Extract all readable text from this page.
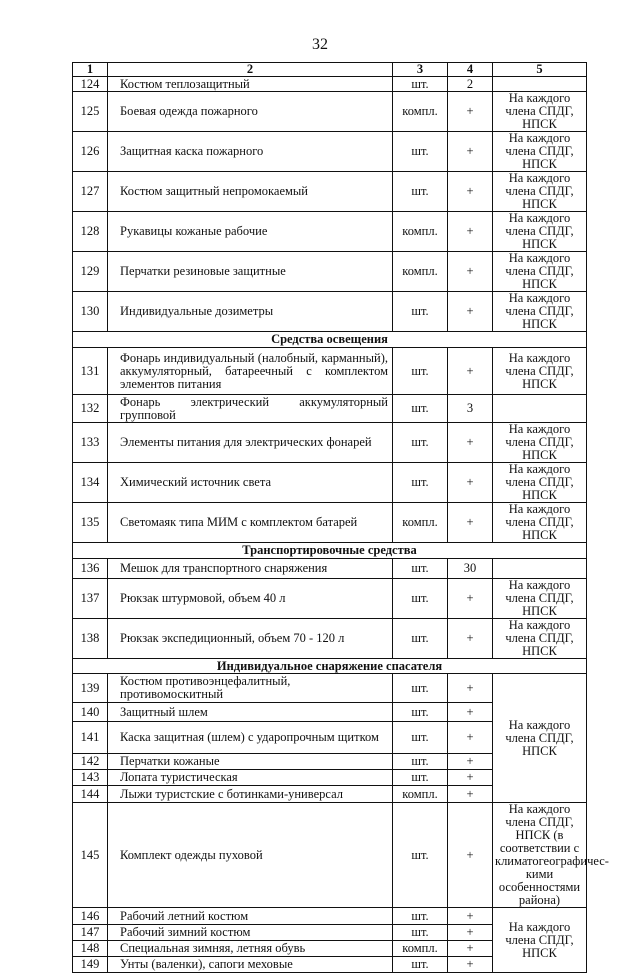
32
1	2	3	4	5
124	Костюм теплозащитный	шт.	2	
125	Боевая одежда пожарного	компл.	+	На каждого члена СПДГ, НПСК
126	Защитная каска пожарного	шт.	+	На каждого члена СПДГ, НПСК
127	Костюм защитный непромокаемый	шт.	+	На каждого члена СПДГ, НПСК
128	Рукавицы кожаные рабочие	компл.	+	На каждого члена СПДГ, НПСК
129	Перчатки резиновые защитные	компл.	+	На каждого члена СПДГ, НПСК
130	Индивидуальные дозиметры	шт.	+	На каждого члена СПДГ, НПСК
Средства освещения				
131	Фонарь индивидуальный (налобный, карманный), аккумуляторный, батареечный с комплектом элементов питания	шт.	+	На каждого члена СПДГ, НПСК
132	Фонарь электрический аккумуляторный групповой	шт.	3	
133	Элементы питания для электрических фонарей	шт.	+	На каждого члена СПДГ, НПСК
134	Химический источник света	шт.	+	На каждого члена СПДГ, НПСК
135	Светомаяк типа МИМ с комплектом батарей	компл.	+	На каждого члена СПДГ, НПСК
Транспортировочные средства				
136	Мешок для транспортного снаряжения	шт.	30	
137	Рюкзак штурмовой, объем 40 л	шт.	+	На каждого члена СПДГ, НПСК
138	Рюкзак экспедиционный, объем 70 - 120 л	шт.	+	На каждого члена СПДГ, НПСК
Индивидуальное снаряжение спасателя				
139	Костюм противоэнцефалитный, противомоскитный	шт.	+	На каждого члена СПДГ, НПСК
140	Защитный шлем	шт.	+	
141	Каска защитная (шлем) с ударопрочным щитком	шт.	+	
142	Перчатки кожаные	шт.	+	
143	Лопата туристическая	шт.	+	
144	Лыжи туристские с ботинками-универсал	компл.	+	
145	Комплект одежды пуховой	шт.	+	На каждого члена СПДГ, НПСК (в соответствии с климатогеографичес-кими особенностями района)
146	Рабочий летний костюм	шт.	+	На каждого члена СПДГ, НПСК
147	Рабочий зимний костюм	шт.	+	
148	Специальная зимняя, летняя обувь	компл.	+	
149	Унты (валенки), сапоги меховые	шт.	+	
